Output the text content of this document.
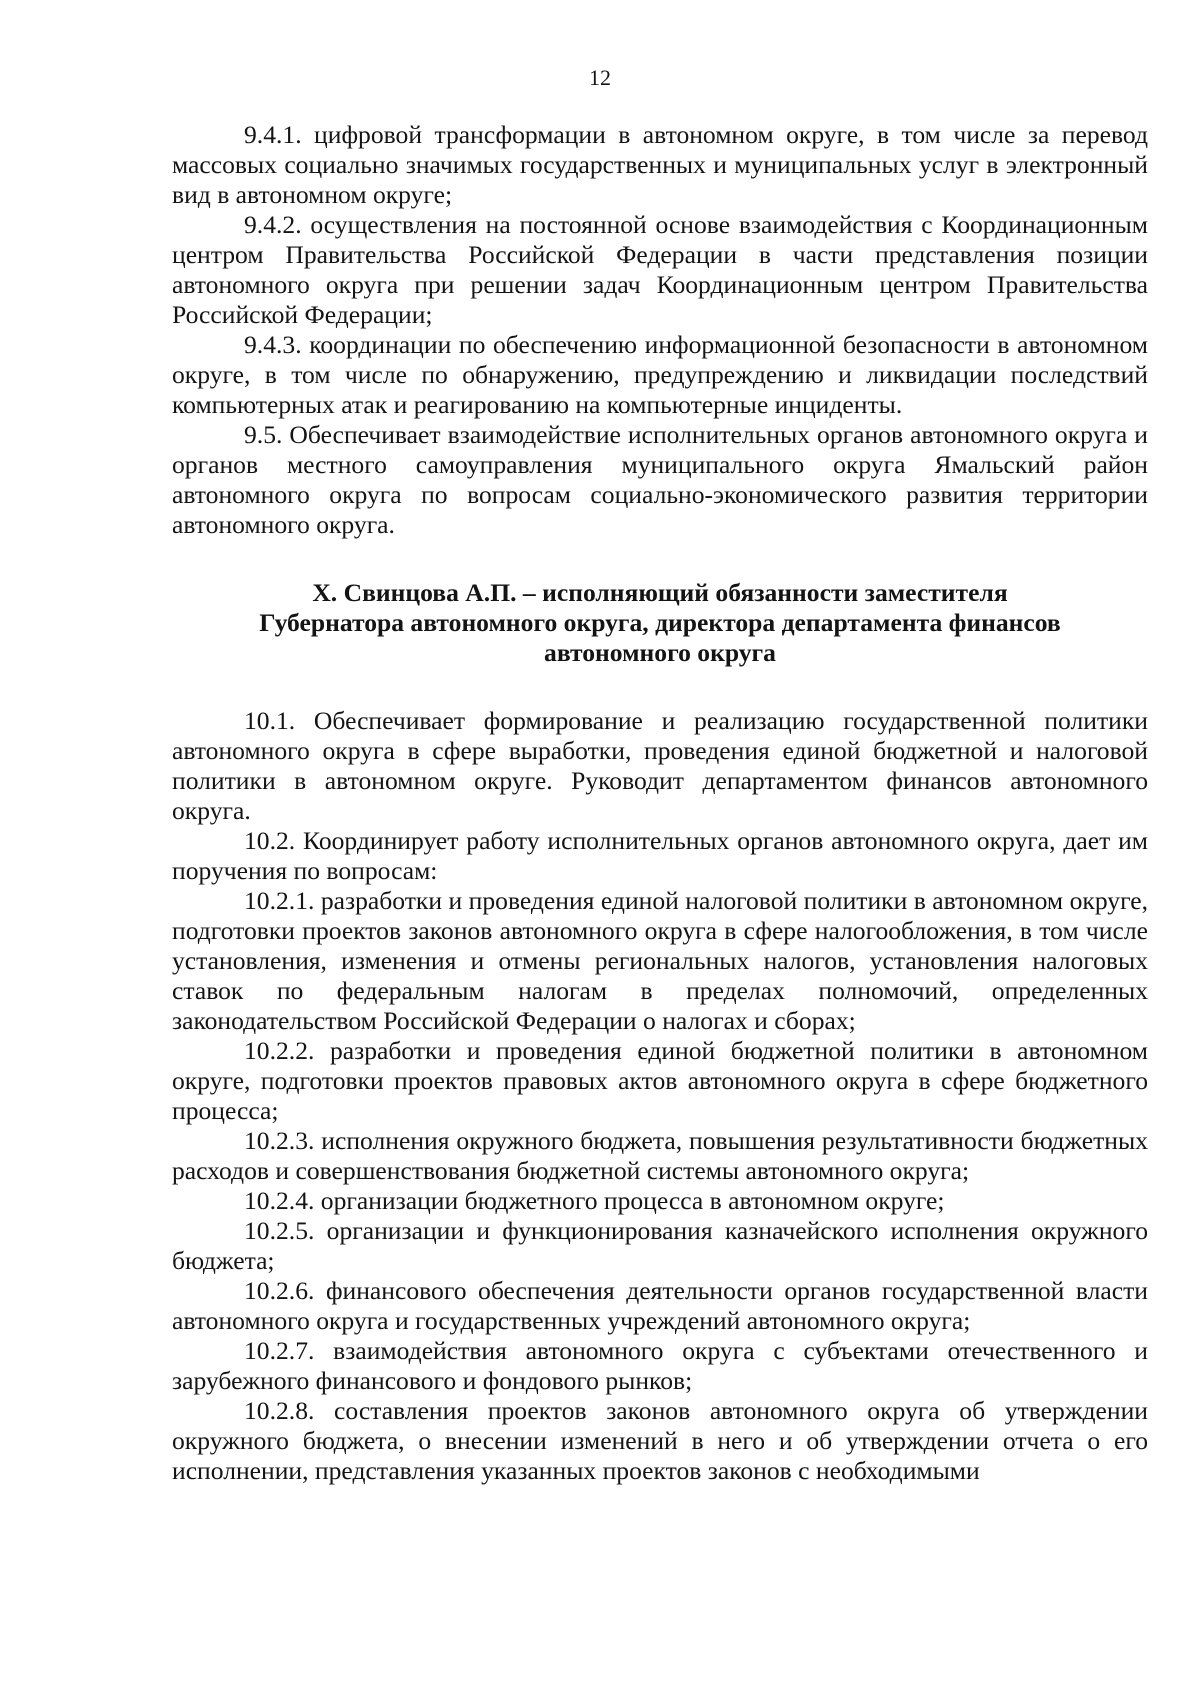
12

9.4.1. цифровой трансформации в автономном округе, в том числе за перевод массовых социально значимых государственных и муниципальных услуг в электронный вид в автономном округе;

9.4.2. осуществления на постоянной основе взаимодействия с Координационным центром Правительства Российской Федерации в части представления позиции автономного округа при решении задач Координационным центром Правительства Российской Федерации;

9.4.3. координации по обеспечению информационной безопасности в автономном округе, в том числе по обнаружению, предупреждению и ликвидации последствий компьютерных атак и реагированию на компьютерные инциденты.

9.5. Обеспечивает взаимодействие исполнительных органов автономного округа и органов местного самоуправления муниципального округа Ямальский район автономного округа по вопросам социально-экономического развития территории автономного округа.

X. Свинцова А.П. – исполняющий обязанности заместителя
Губернатора автономного округа, директора департамента финансов
автономного округа

10.1. Обеспечивает формирование и реализацию государственной политики автономного округа в сфере выработки, проведения единой бюджетной и налоговой политики в автономном округе. Руководит департаментом финансов автономного округа.

10.2. Координирует работу исполнительных органов автономного округа, дает им поручения по вопросам:

10.2.1. разработки и проведения единой налоговой политики в автономном округе, подготовки проектов законов автономного округа в сфере налогообложения, в том числе установления, изменения и отмены региональных налогов, установления налоговых ставок по федеральным налогам в пределах полномочий, определенных законодательством Российской Федерации о налогах и сборах;

10.2.2. разработки и проведения единой бюджетной политики в автономном округе, подготовки проектов правовых актов автономного округа в сфере бюджетного процесса;

10.2.3. исполнения окружного бюджета, повышения результативности бюджетных расходов и совершенствования бюджетной системы автономного округа;

10.2.4. организации бюджетного процесса в автономном округе;

10.2.5. организации и функционирования казначейского исполнения окружного бюджета;

10.2.6. финансового обеспечения деятельности органов государственной власти автономного округа и государственных учреждений автономного округа;

10.2.7. взаимодействия автономного округа с субъектами отечественного и зарубежного финансового и фондового рынков;

10.2.8. составления проектов законов автономного округа об утверждении окружного бюджета, о внесении изменений в него и об утверждении отчета о его исполнении, представления указанных проектов законов с необходимыми
